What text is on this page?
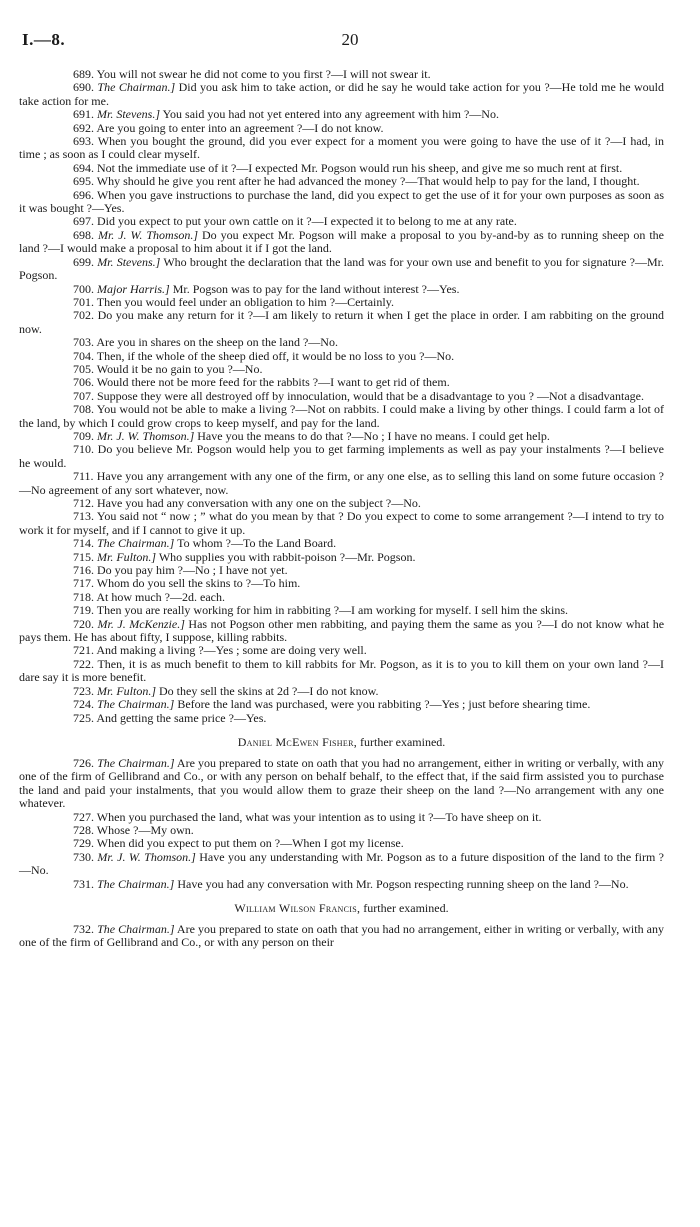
I.—8.	20

689. You will not swear he did not come to you first ?—I will not swear it.

690. The Chairman.] Did you ask him to take action, or did he say he would take action for you ?—He told me he would take action for me.

691. Mr. Stevens.] You said you had not yet entered into any agreement with him ?—No.

692. Are you going to enter into an agreement ?—I do not know.

693. When you bought the ground, did you ever expect for a moment you were going to have the use of it ?—I had, in time ; as soon as I could clear myself.

694. Not the immediate use of it ?—I expected Mr. Pogson would run his sheep, and give me so much rent at first.

695. Why should he give you rent after he had advanced the money ?—That would help to pay for the land, I thought.

696. When you gave instructions to purchase the land, did you expect to get the use of it for your own purposes as soon as it was bought ?—Yes.

697. Did you expect to put your own cattle on it ?—I expected it to belong to me at any rate.

698. Mr. J. W. Thomson.] Do you expect Mr. Pogson will make a proposal to you by-and-by as to running sheep on the land ?—I would make a proposal to him about it if I got the land.

699. Mr. Stevens.] Who brought the declaration that the land was for your own use and benefit to you for signature ?—Mr. Pogson.

700. Major Harris.] Mr. Pogson was to pay for the land without interest ?—Yes.

701. Then you would feel under an obligation to him ?—Certainly.

702. Do you make any return for it ?—I am likely to return it when I get the place in order. I am rabbiting on the ground now.

703. Are you in shares on the sheep on the land ?—No.

704. Then, if the whole of the sheep died off, it would be no loss to you ?—No.

705. Would it be no gain to you ?—No.

706. Would there not be more feed for the rabbits ?—I want to get rid of them.

707. Suppose they were all destroyed off by innoculation, would that be a disadvantage to you ? —Not a disadvantage.

708. You would not be able to make a living ?—Not on rabbits. I could make a living by other things. I could farm a lot of the land, by which I could grow crops to keep myself, and pay for the land.

709. Mr. J. W. Thomson.] Have you the means to do that ?—No ; I have no means. I could get help.

710. Do you believe Mr. Pogson would help you to get farming implements as well as pay your instalments ?—I believe he would.

711. Have you any arrangement with any one of the firm, or any one else, as to selling this land on some future occasion ?—No agreement of any sort whatever, now.

712. Have you had any conversation with any one on the subject ?—No.

713. You said not “ now ; ” what do you mean by that ? Do you expect to come to some arrangement ?—I intend to try to work it for myself, and if I cannot to give it up.

714. The Chairman.] To whom ?—To the Land Board.

715. Mr. Fulton.] Who supplies you with rabbit-poison ?—Mr. Pogson.

716. Do you pay him ?—No ; I have not yet.

717. Whom do you sell the skins to ?—To him.

718. At how much ?—2d. each.

719. Then you are really working for him in rabbiting ?—I am working for myself. I sell him the skins.

720. Mr. J. McKenzie.] Has not Pogson other men rabbiting, and paying them the same as you ?—I do not know what he pays them. He has about fifty, I suppose, killing rabbits.

721. And making a living ?—Yes ; some are doing very well.

722. Then, it is as much benefit to them to kill rabbits for Mr. Pogson, as it is to you to kill them on your own land ?—I dare say it is more benefit.

723. Mr. Fulton.] Do they sell the skins at 2d ?—I do not know.

724. The Chairman.] Before the land was purchased, were you rabbiting ?—Yes ; just before shearing time.

725. And getting the same price ?—Yes.

Daniel McEwen Fisher, further examined.

726. The Chairman.] Are you prepared to state on oath that you had no arrangement, either in writing or verbally, with any one of the firm of Gellibrand and Co., or with any person on behalf behalf, to the effect that, if the said firm assisted you to purchase the land and paid your instalments, that you would allow them to graze their sheep on the land ?—No arrangement with any one whatever.

727. When you purchased the land, what was your intention as to using it ?—To have sheep on it.

728. Whose ?—My own.

729. When did you expect to put them on ?—When I got my license.

730. Mr. J. W. Thomson.] Have you any understanding with Mr. Pogson as to a future disposition of the land to the firm ?—No.

731. The Chairman.] Have you had any conversation with Mr. Pogson respecting running sheep on the land ?—No.

William Wilson Francis, further examined.

732. The Chairman.] Are you prepared to state on oath that you had no arrangement, either in writing or verbally, with any one of the firm of Gellibrand and Co., or with any person on their
